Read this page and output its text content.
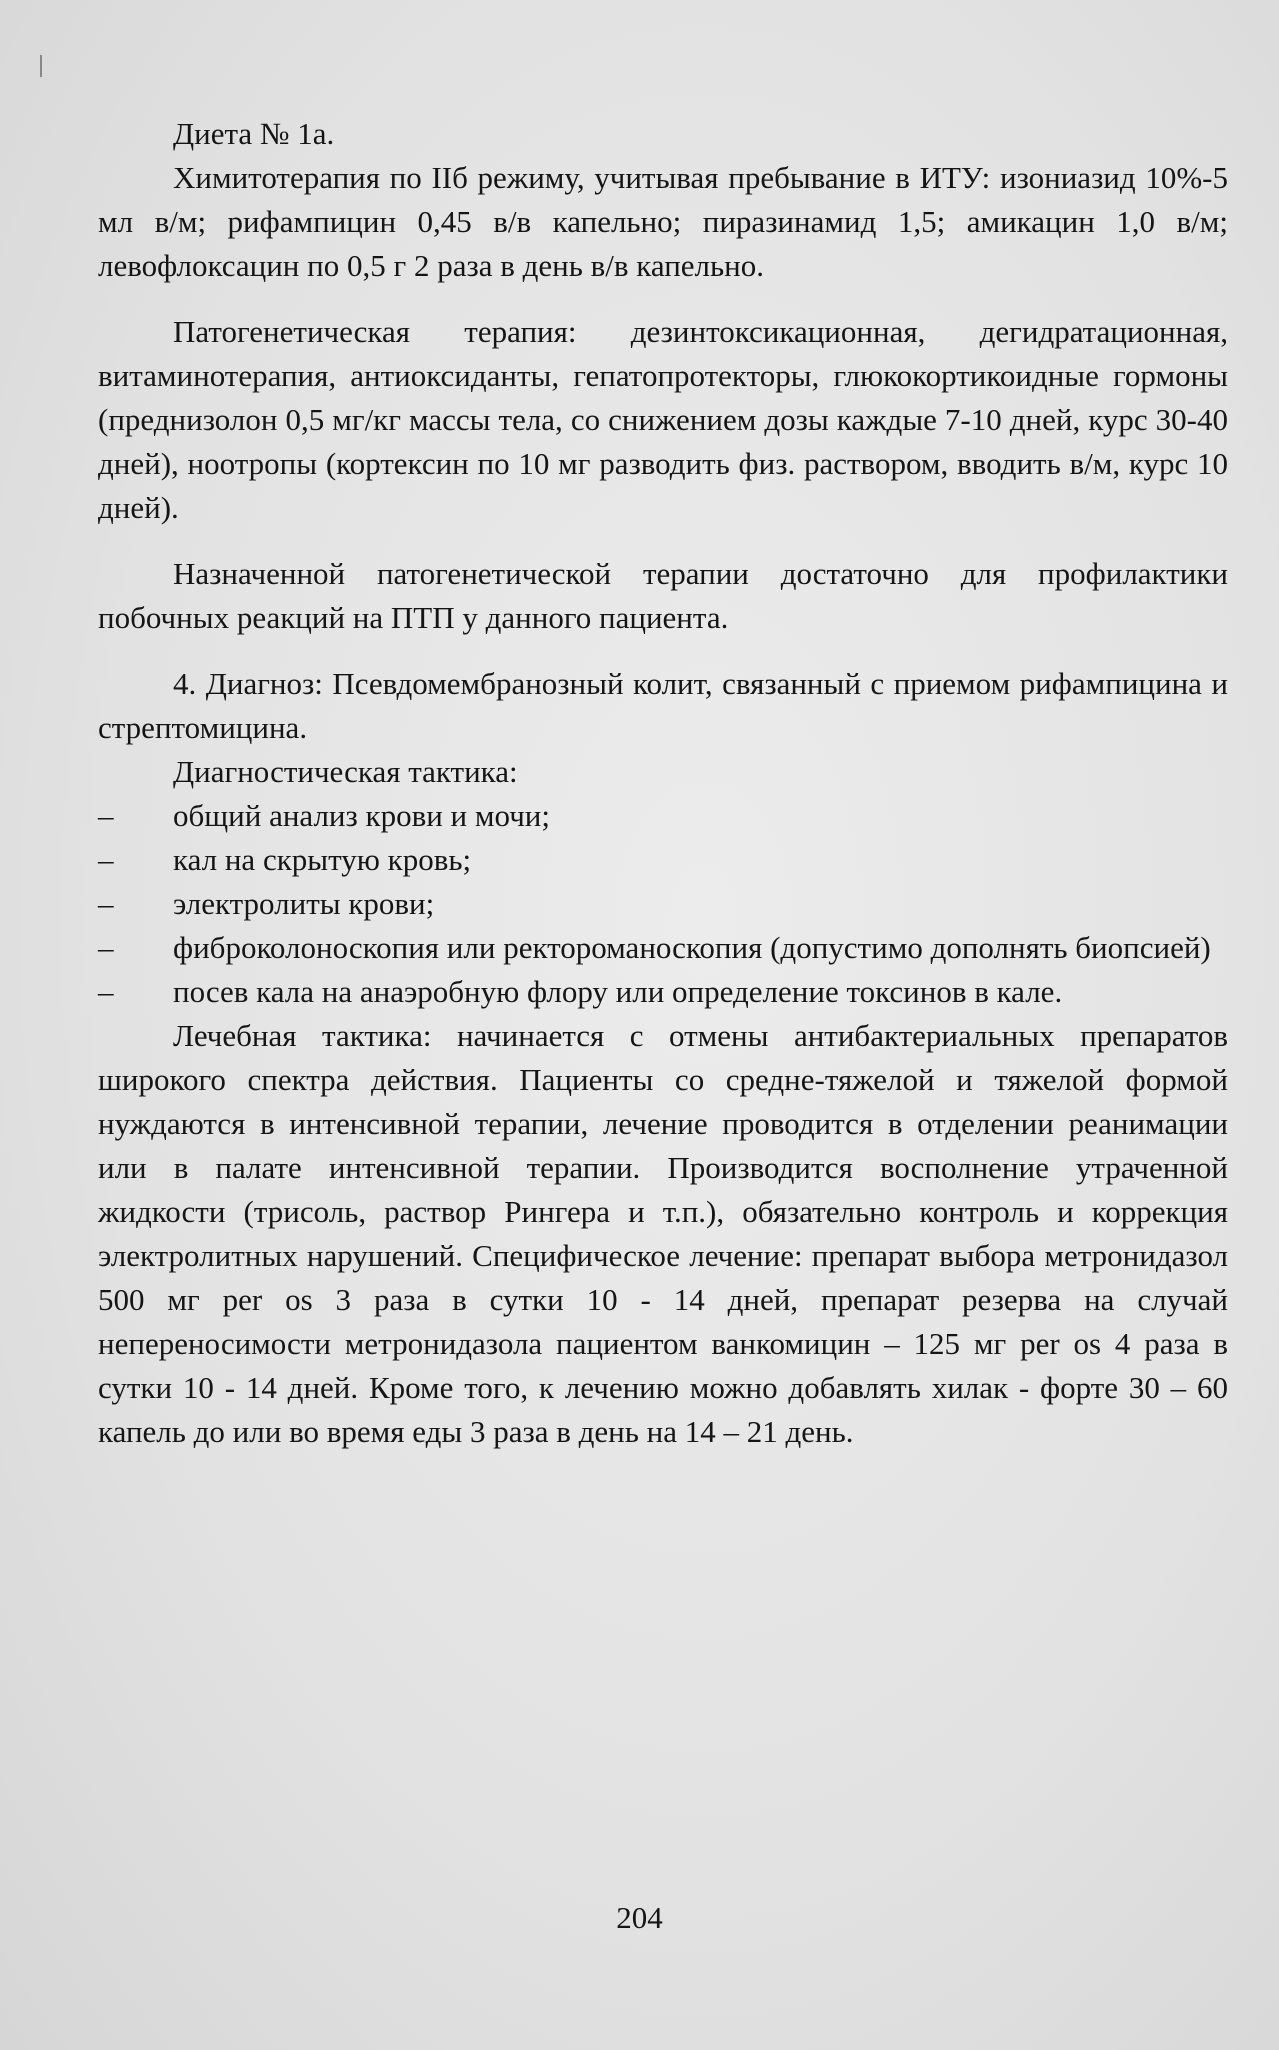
Диета № 1а.

Химитотерапия по IIб режиму, учитывая пребывание в ИТУ: изониазид 10%-5 мл в/м; рифампицин 0,45 в/в капельно; пиразинамид 1,5; амикацин 1,0 в/м; левофлоксацин по 0,5 г 2 раза в день в/в капельно.

Патогенетическая терапия: дезинтоксикационная, дегидратационная, витаминотерапия, антиоксиданты, гепатопротекторы, глюкокортикоидные гормоны (преднизолон 0,5 мг/кг массы тела, со снижением дозы каждые 7-10 дней, курс 30-40 дней), ноотропы (кортексин по 10 мг разводить физ. раствором, вводить в/м, курс 10 дней).

Назначенной патогенетической терапии достаточно для профилактики побочных реакций на ПТП у данного пациента.

4. Диагноз: Псевдомембранозный колит, связанный с приемом рифампицина и стрептомицина.

Диагностическая тактика:

–	общий анализ крови и мочи;
–	кал на скрытую кровь;
–	электролиты крови;
–	фиброколоноскопия или ректороманоскопия (допустимо дополнять биопсией)
–	посев кала на анаэробную флору или определение токсинов в кале.

Лечебная тактика: начинается с отмены антибактериальных препаратов широкого спектра действия. Пациенты со средне-тяжелой и тяжелой формой нуждаются в интенсивной терапии, лечение проводится в отделении реанимации или в палате интенсивной терапии. Производится восполнение утраченной жидкости (трисоль, раствор Рингера и т.п.), обязательно контроль и коррекция электролитных нарушений. Специфическое лечение: препарат выбора метронидазол 500 мг per os 3 раза в сутки 10 - 14 дней, препарат резерва на случай непереносимости метронидазола пациентом ванкомицин – 125 мг per os 4 раза в сутки 10 - 14 дней. Кроме того, к лечению можно добавлять хилак - форте 30 – 60 капель до или во время еды 3 раза в день на 14 – 21 день.

204
